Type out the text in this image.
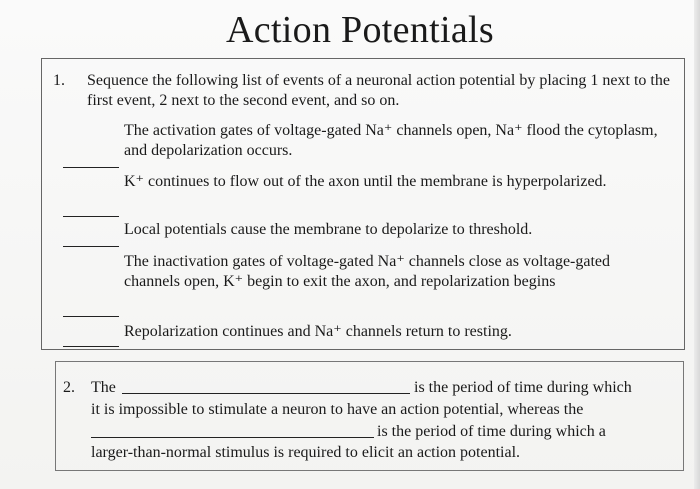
Action Potentials
1. Sequence the following list of events of a neuronal action potential by placing 1 next to the first event, 2 next to the second event, and so on.
The activation gates of voltage-gated Na⁺ channels open, Na⁺ flood the cytoplasm, and depolarization occurs.
K⁺ continues to flow out of the axon until the membrane is hyperpolarized.
Local potentials cause the membrane to depolarize to threshold.
The inactivation gates of voltage-gated Na⁺ channels close as voltage-gated channels open, K⁺ begin to exit the axon, and repolarization begins
Repolarization continues and Na⁺ channels return to resting.
2. The	is the period of time during which
it is impossible to stimulate a neuron to have an action potential, whereas the
is the period of time during which a
larger-than-normal stimulus is required to elicit an action potential.
